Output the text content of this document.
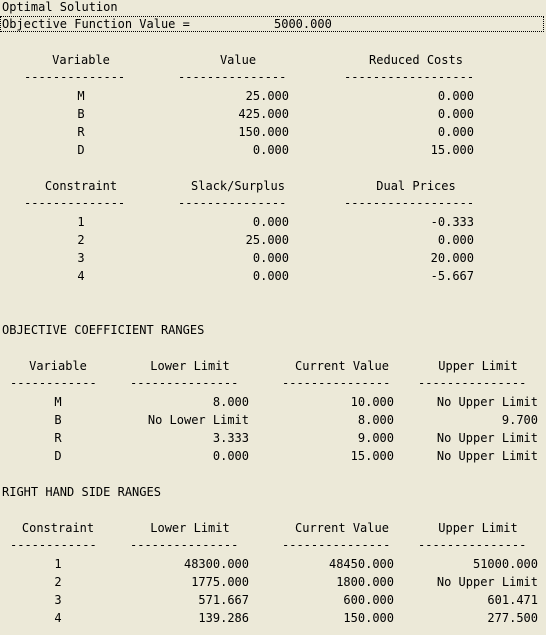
Optimal Solution
Objective Function Value =	5000.000
Variable	Value	Reduced Costs
--------------	---------------	------------------
M	25.000	0.000
B	425.000	0.000
R	150.000	0.000
D	0.000	15.000
Constraint	Slack/Surplus	Dual Prices
--------------	---------------	------------------
1	0.000	-0.333
2	25.000	0.000
3	0.000	20.000
4	0.000	-5.667
OBJECTIVE COEFFICIENT RANGES
Variable	Lower Limit	Current Value	Upper Limit
------------	---------------	--------------- ---------------
M	8.000	10.000	No Upper Limit
B	No Lower Limit	8.000	9.700
R	3.333	9.000	No Upper Limit
D	0.000	15.000	No Upper Limit
RIGHT HAND SIDE RANGES
Constraint	Lower Limit	Current Value	Upper Limit
------------	---------------	--------------- ---------------
1	48300.000	48450.000	51000.000
2	1775.000	1800.000	No Upper Limit
3	571.667	600.000	601.471
4	139.286	150.000	277.500
